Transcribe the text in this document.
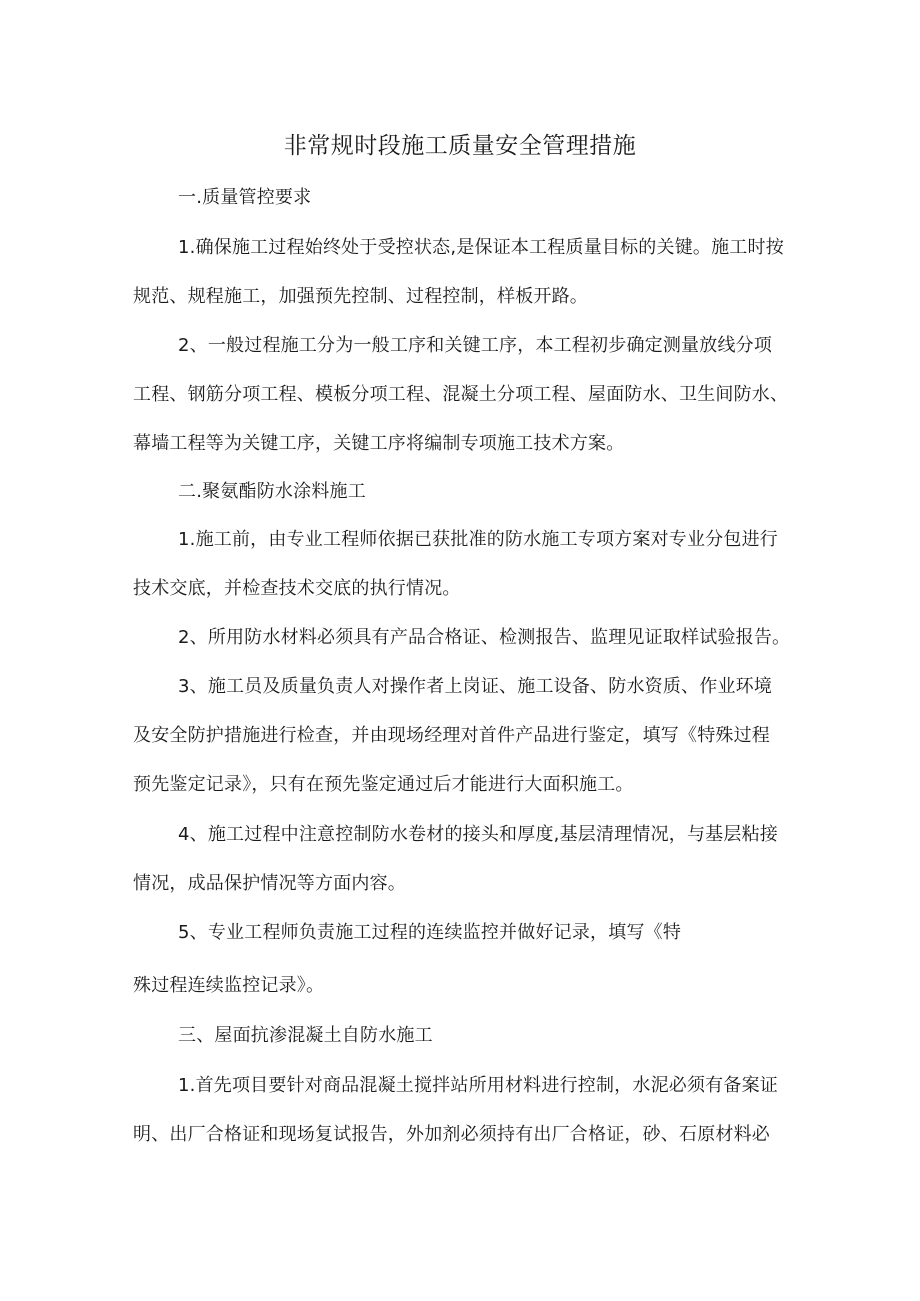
非常规时段施工质量安全管理措施
一.质量管控要求
1.确保施工过程始终处于受控状态,是保证本工程质量目标的关键。施工时按
规范、规程施工，加强预先控制、过程控制，样板开路。
2、一般过程施工分为一般工序和关键工序，本工程初步确定测量放线分项
工程、钢筋分项工程、模板分项工程、混凝土分项工程、屋面防水、卫生间防水、
幕墙工程等为关键工序，关键工序将编制专项施工技术方案。
二.聚氨酯防水涂料施工
1.施工前，由专业工程师依据已获批准的防水施工专项方案对专业分包进行
技术交底，并检查技术交底的执行情况。
2、所用防水材料必须具有产品合格证、检测报告、监理见证取样试验报告。
3、施工员及质量负责人对操作者上岗证、施工设备、防水资质、作业环境
及安全防护措施进行检查，并由现场经理对首件产品进行鉴定，填写《特殊过程
预先鉴定记录》，只有在预先鉴定通过后才能进行大面积施工。
4、施工过程中注意控制防水卷材的接头和厚度,基层清理情况，与基层粘接
情况，成品保护情况等方面内容。
5、专业工程师负责施工过程的连续监控并做好记录，填写《特
殊过程连续监控记录》。
三、屋面抗渗混凝土自防水施工
1.首先项目要针对商品混凝土搅拌站所用材料进行控制，水泥必须有备案证
明、出厂合格证和现场复试报告，外加剂必须持有出厂合格证，砂、石原材料必
